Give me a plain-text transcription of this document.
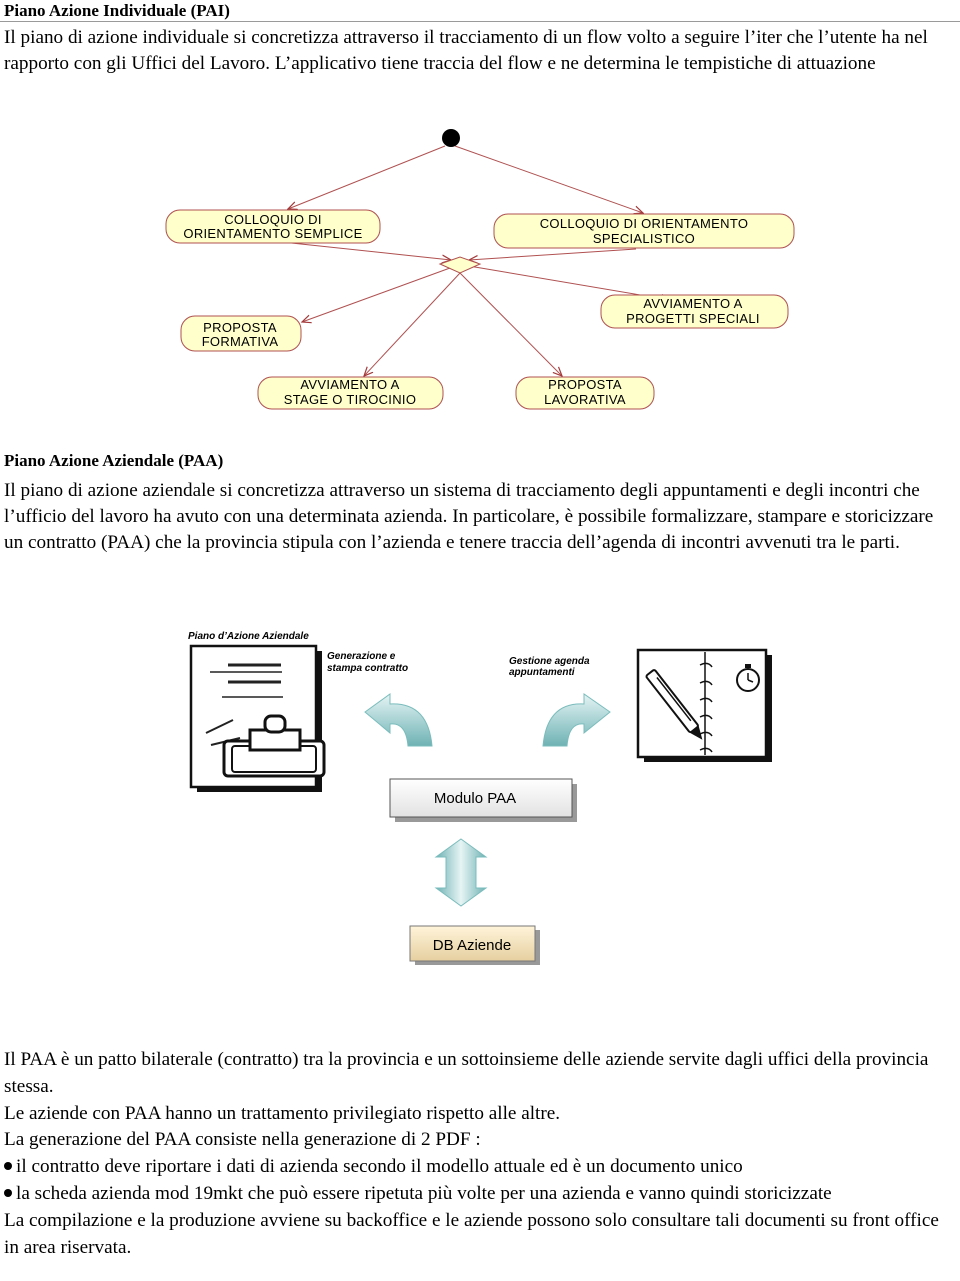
Piano Azione Individuale (PAI)

Il piano di azione individuale si concretizza attraverso il tracciamento di un flow volto a seguire l’iter che l’utente ha nel rapporto con gli Uffici del Lavoro. L’applicativo tiene traccia del flow e ne determina le tempistiche di attuazione

COLLOQUIO DI
ORIENTAMENTO SEMPLICE
COLLOQUIO DI ORIENTAMENTO
SPECIALISTICO
PROPOSTA
FORMATIVA
AVVIAMENTO A
PROGETTI SPECIALI
AVVIAMENTO A
STAGE O TIROCINIO
PROPOSTA
LAVORATIVA
Piano Azione Aziendale (PAA)

Il piano di azione aziendale si concretizza attraverso un sistema di tracciamento degli appuntamenti e degli incontri che l’ufficio del lavoro ha avuto con una determinata azienda. In particolare, è possibile formalizzare, stampare e storicizzare un contratto (PAA) che la provincia stipula con l’azienda e tenere traccia dell’agenda di incontri avvenuti tra le parti.

Piano d’Azione Aziendale
Generazione e
stampa contratto
Gestione agenda
appuntamenti
Modulo PAA
DB Aziende

Il PAA è un patto bilaterale (contratto) tra la provincia e un sottoinsieme delle aziende servite dagli uffici della provincia stessa.

Le aziende con PAA hanno un trattamento privilegiato rispetto alle altre.

La generazione del PAA consiste nella generazione di 2 PDF :

il contratto deve riportare i dati di azienda secondo il modello attuale ed è un documento unico

la scheda azienda mod 19mkt che può essere ripetuta più volte per una azienda e vanno quindi storicizzate

La compilazione e la produzione avviene su backoffice e le aziende possono solo consultare tali documenti su front office in area riservata.
